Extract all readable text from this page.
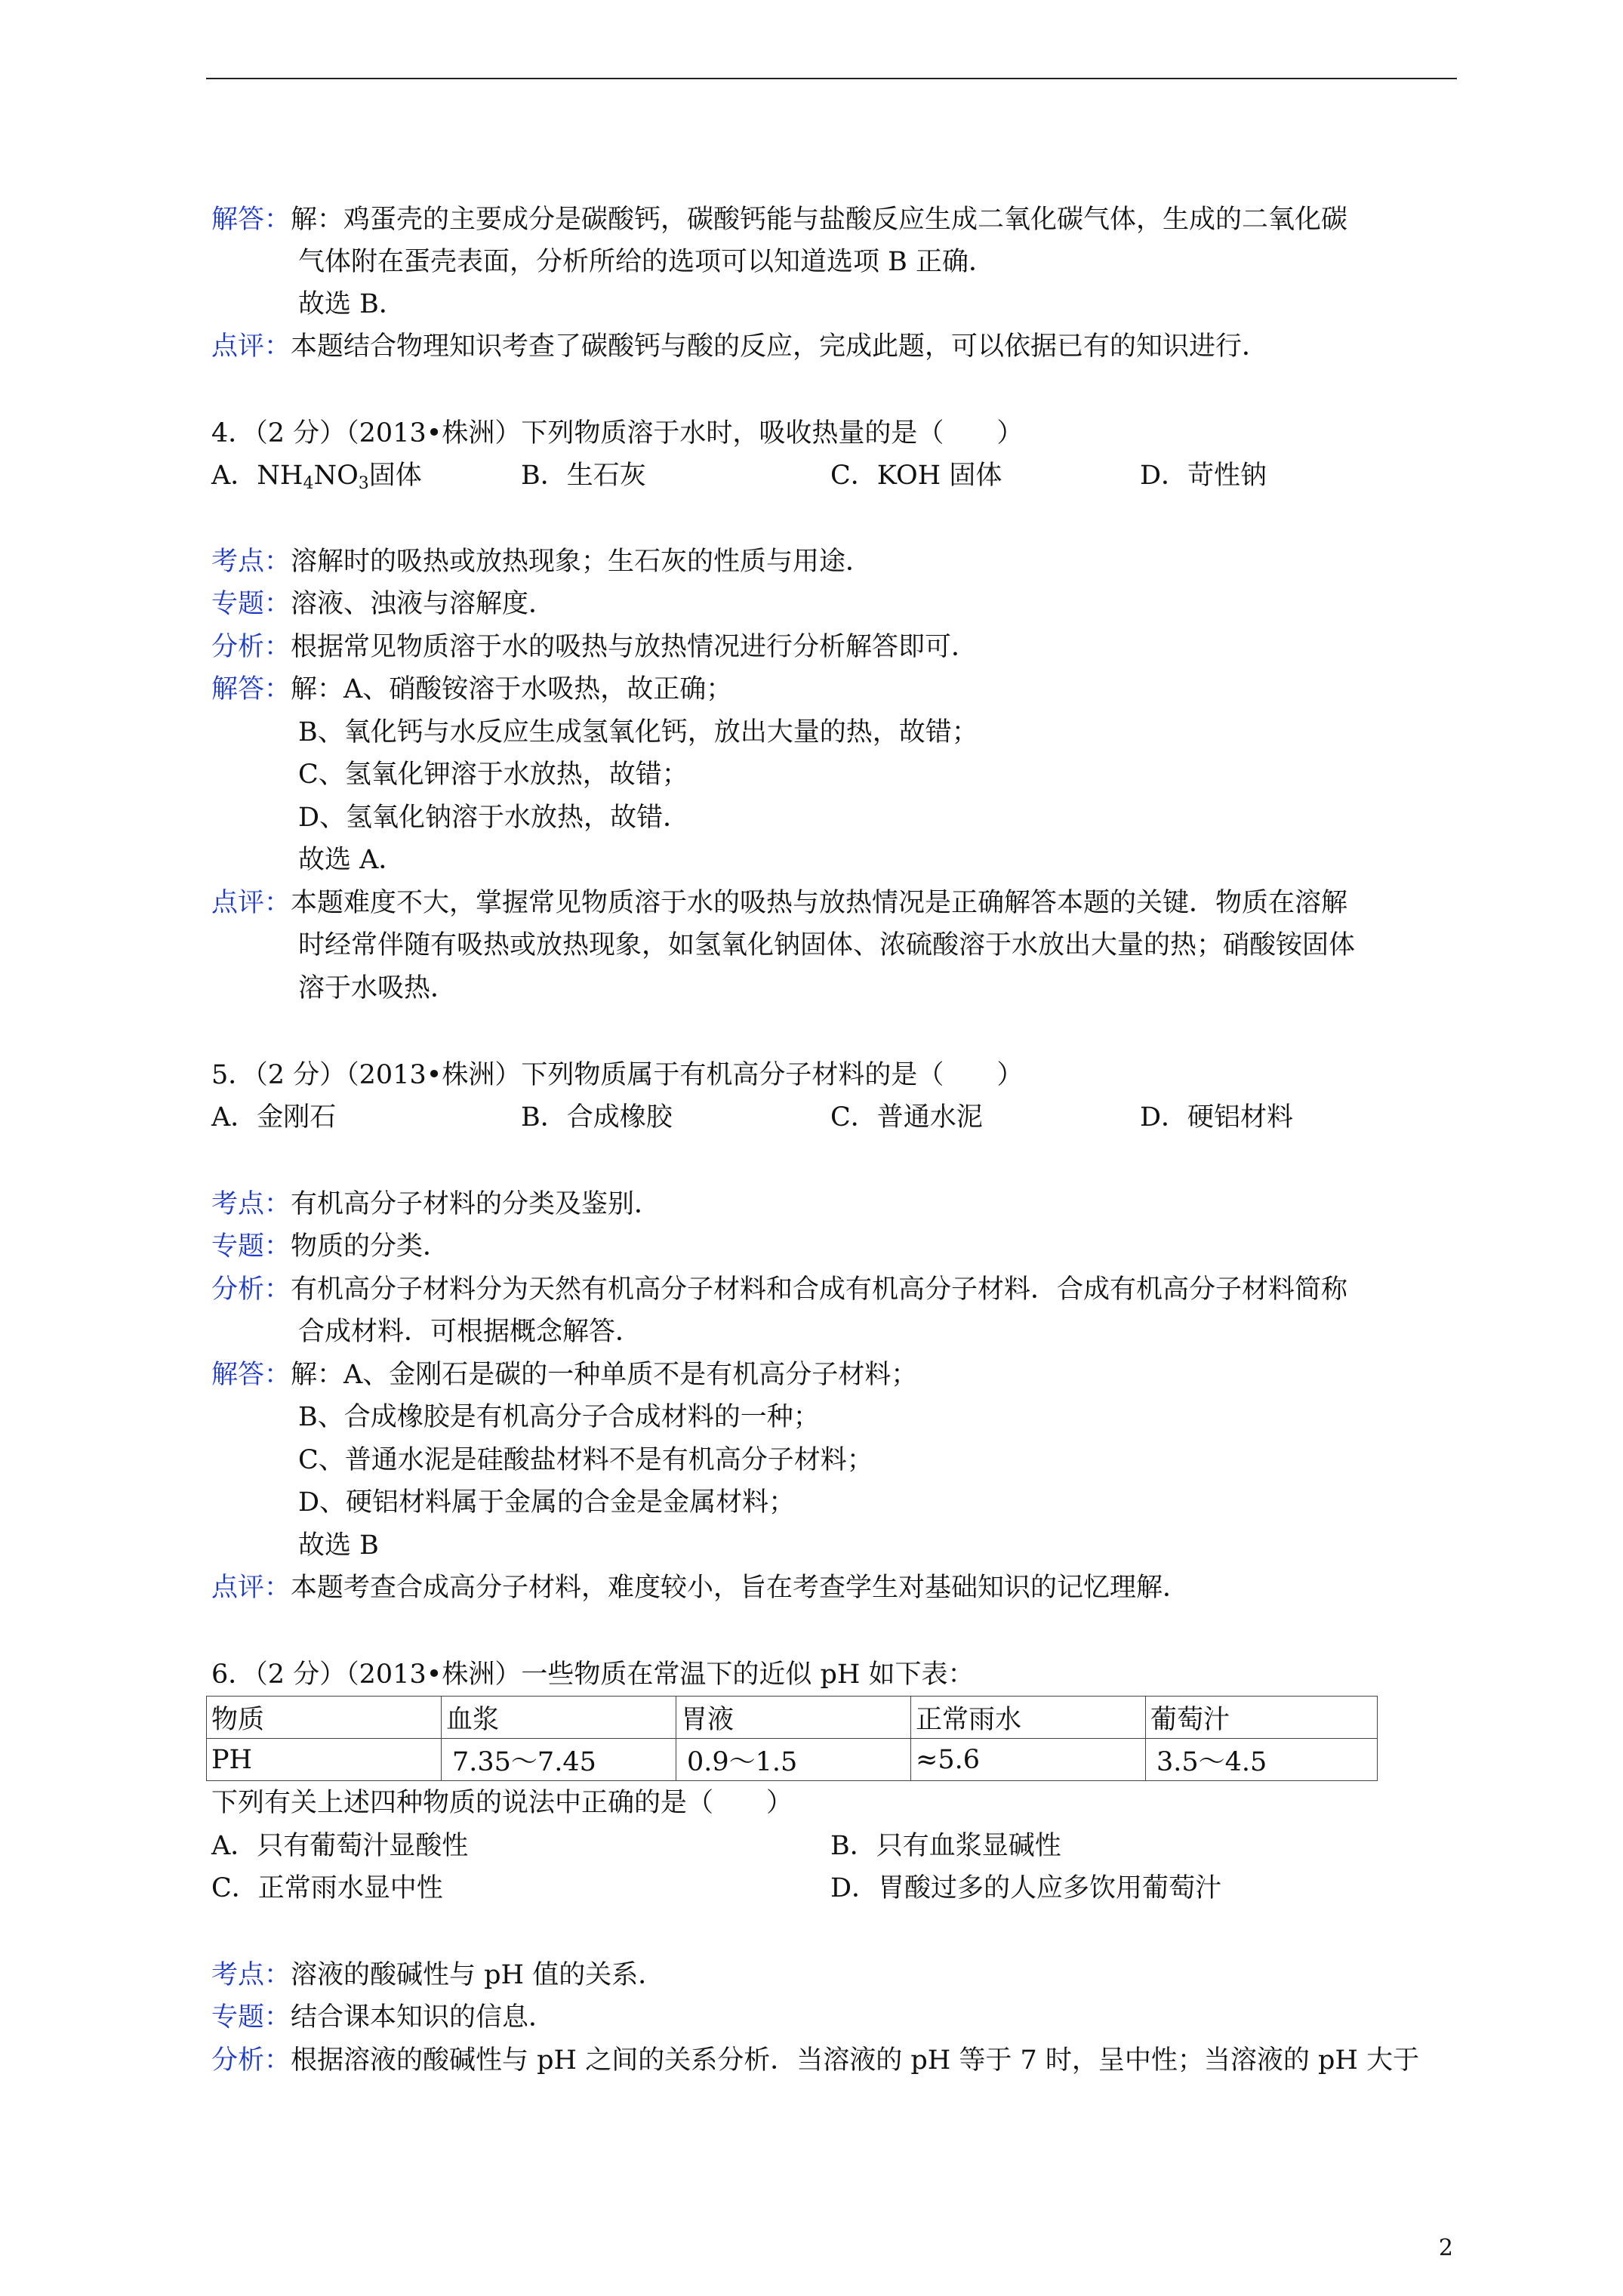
解答：解：鸡蛋壳的主要成分是碳酸钙，碳酸钙能与盐酸反应生成二氧化碳气体，生成的二氧化碳
气体附在蛋壳表面，分析所给的选项可以知道选项 B 正确．
故选 B．
点评：本题结合物理知识考查了碳酸钙与酸的反应，完成此题，可以依据已有的知识进行．
4．（2 分）（2013•株洲）下列物质溶于水时，吸收热量的是（　　）
A．$NH_4NO_3$固体	B．生石灰	C．KOH 固体	D．苛性钠
考点：溶解时的吸热或放热现象；生石灰的性质与用途．
专题：溶液、浊液与溶解度．
分析：根据常见物质溶于水的吸热与放热情况进行分析解答即可．
解答：解：A、硝酸铵溶于水吸热，故正确；
B、氧化钙与水反应生成氢氧化钙，放出大量的热，故错；
C、氢氧化钾溶于水放热，故错；
D、氢氧化钠溶于水放热，故错．
故选 A．
点评：本题难度不大，掌握常见物质溶于水的吸热与放热情况是正确解答本题的关键．物质在溶解
时经常伴随有吸热或放热现象，如氢氧化钠固体、浓硫酸溶于水放出大量的热；硝酸铵固体
溶于水吸热．
5．（2 分）（2013•株洲）下列物质属于有机高分子材料的是（　　）
A．金刚石	B．合成橡胶	C．普通水泥	D．硬铝材料
考点：有机高分子材料的分类及鉴别．
专题：物质的分类．
分析：有机高分子材料分为天然有机高分子材料和合成有机高分子材料．合成有机高分子材料简称
合成材料．可根据概念解答．
解答：解：A、金刚石是碳的一种单质不是有机高分子材料；
B、合成橡胶是有机高分子合成材料的一种；
C、普通水泥是硅酸盐材料不是有机高分子材料；
D、硬铝材料属于金属的合金是金属材料；
故选 B
点评：本题考查合成高分子材料，难度较小，旨在考查学生对基础知识的记忆理解．
6．（2 分）（2013•株洲）一些物质在常温下的近似 pH 如下表：
物质	血浆	胃液	正常雨水	葡萄汁
PH	7.35～7.45	0.9～1.5	≈5.6	3.5～4.5
下列有关上述四种物质的说法中正确的是（　　）
A．只有葡萄汁显酸性	B．只有血浆显碱性
C．正常雨水显中性	D．胃酸过多的人应多饮用葡萄汁
考点：溶液的酸碱性与 pH 值的关系．
专题：结合课本知识的信息．
分析：根据溶液的酸碱性与 pH 之间的关系分析．当溶液的 pH 等于 7 时，呈中性；当溶液的 pH 大于
2
